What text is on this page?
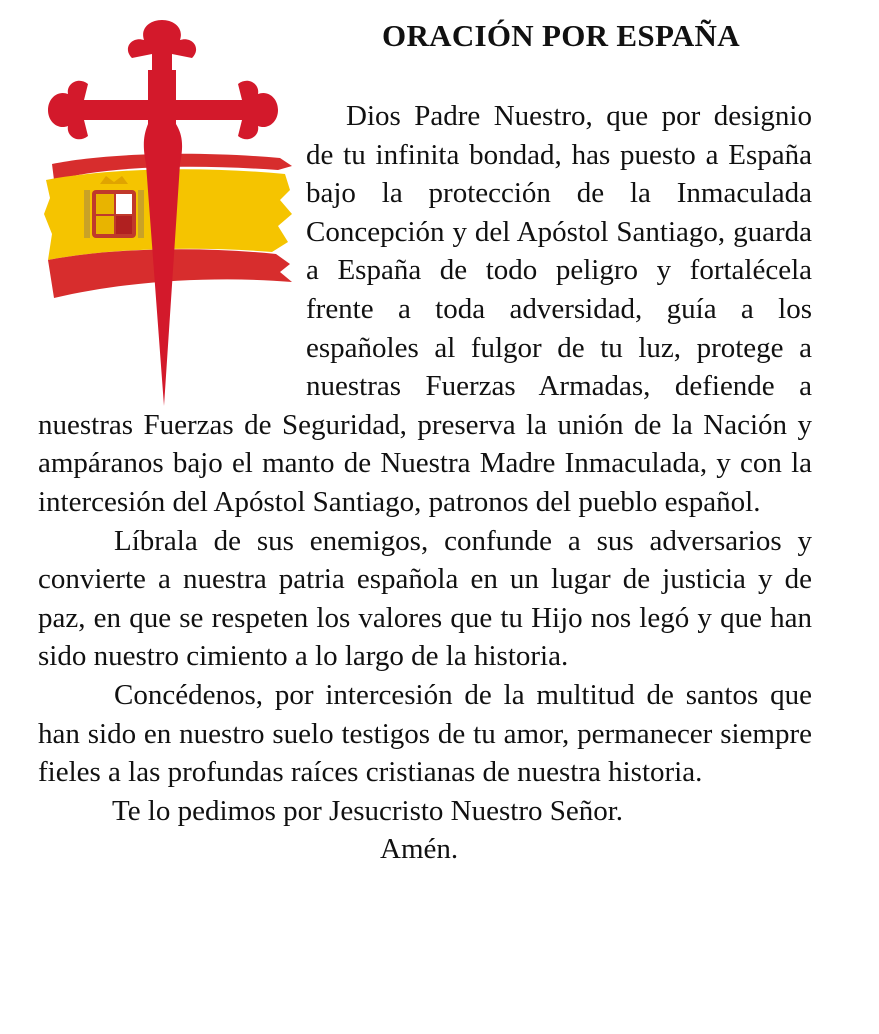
ORACIÓN POR ESPAÑA

Dios Padre Nuestro, que por designio de tu infinita bondad, has puesto a España bajo la protección de la Inmaculada Concepción y del Apóstol Santiago, guarda a España de todo peligro y fortalécela frente a toda adversidad, guía a los españoles al fulgor de tu luz, protege a nuestras Fuerzas Armadas, defiende a nuestras Fuerzas de Seguridad, preserva la unión de la Nación y ampáranos bajo el manto de Nuestra Madre Inmaculada, y con la intercesión del Apóstol Santiago, patronos del pueblo español.

Líbrala de sus enemigos, confunde a sus adversarios y convierte a nuestra patria española en un lugar de justicia y de paz, en que se respeten los valores que tu Hijo nos legó y que han sido nuestro cimiento a lo largo de la historia.

Concédenos, por intercesión de la multitud de santos que han sido en nuestro suelo testigos de tu amor, permanecer siempre fieles a las profundas raíces cristianas de nuestra historia.

Te lo pedimos por Jesucristo Nuestro Señor.

Amén.
